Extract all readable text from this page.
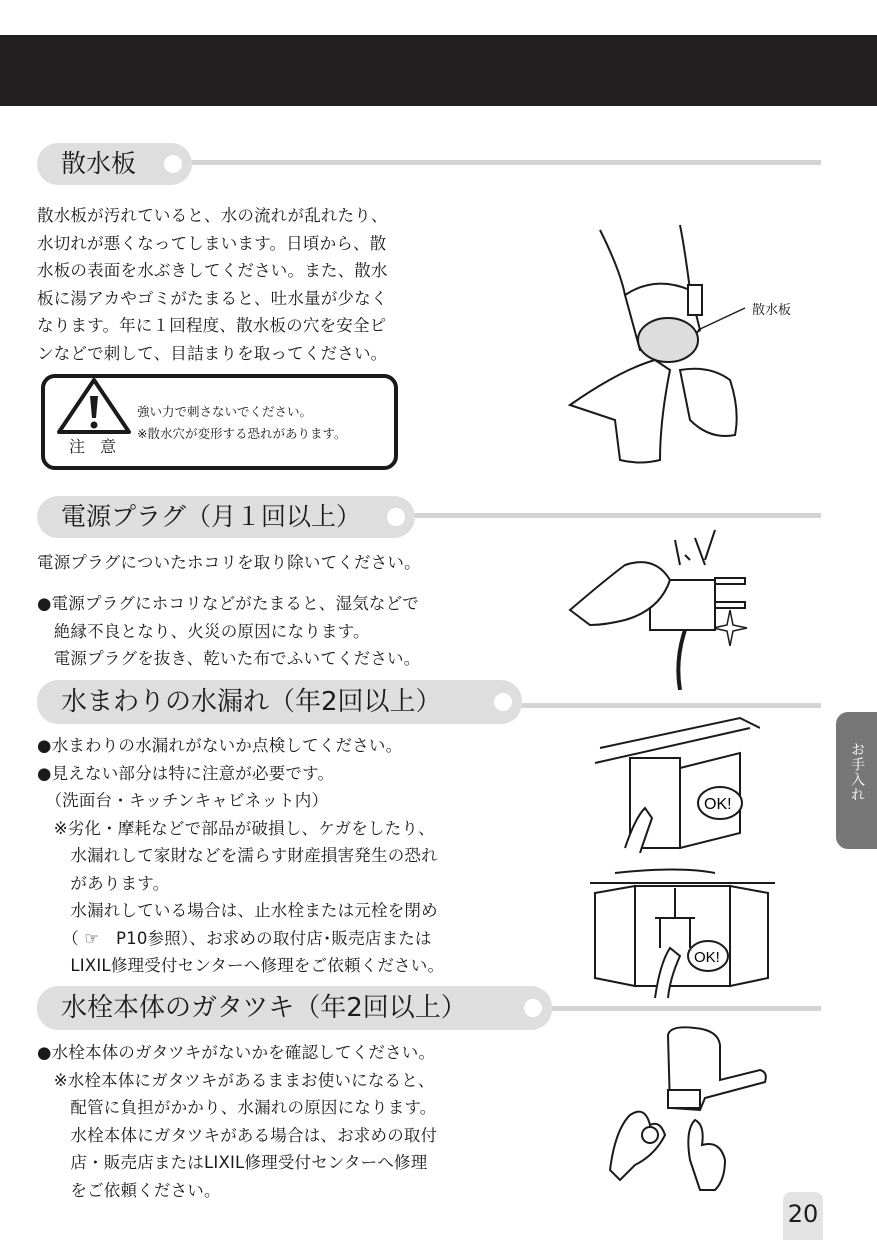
散水板
散水板が汚れていると、水の流れが乱れたり、
水切れが悪くなってしまいます。日頃から、散
水板の表面を水ぶきしてください。また、散水
板に湯アカやゴミがたまると、吐水量が少なく
なります。年に１回程度、散水板の穴を安全ピ
ンなどで刺して、目詰まりを取ってください。
注 意
強い力で刺さないでください。
※散水穴が変形する恐れがあります。
散水板
電源プラグ（月１回以上）
電源プラグについたホコリを取り除いてください。
●電源プラグにホコリなどがたまると、湿気などで
　絶縁不良となり、火災の原因になります。
　電源プラグを抜き、乾いた布でふいてください。
水まわりの水漏れ（年2回以上）
●水まわりの水漏れがないか点検してください。
●見えない部分は特に注意が必要です。
　（洗面台・キッチンキャビネット内）
　※劣化・摩耗などで部品が破損し、ケガをしたり、
　　水漏れして家財などを濡らす財産損害発生の恐れ
　　があります。
　　水漏れしている場合は、止水栓または元栓を閉め
　　（ ☞　P10参照）、お求めの取付店･販売店または
　　LIXIL修理受付センターへ修理をご依頼ください。
OK!
OK!
お手入れ
水栓本体のガタツキ（年2回以上）
●水栓本体のガタツキがないかを確認してください。
　※水栓本体にガタツキがあるままお使いになると、
　　配管に負担がかかり、水漏れの原因になります。
　　水栓本体にガタツキがある場合は、お求めの取付
　　店・販売店またはLIXIL修理受付センターへ修理
　　をご依頼ください。
20
